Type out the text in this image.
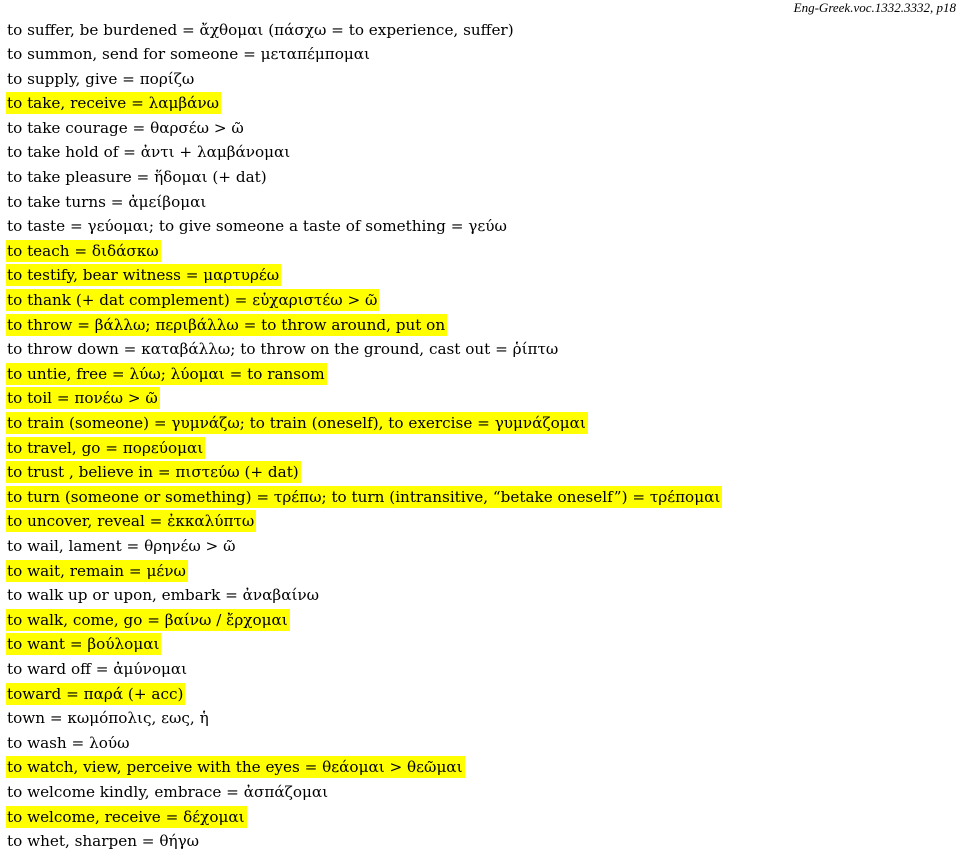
Eng-Greek.voc.1332.3332, p18
to suffer, be burdened = ἄχθομαι (πάσχω = to experience, suffer)
to summon, send for someone = μεταπέμπομαι
to supply, give = πορίζω
to take, receive = λαμβάνω
to take courage = θαρσέω > ῶ
to take hold of = ἀντι + λαμβάνομαι
to take pleasure = ἥδομαι (+ dat)
to take turns = ἀμείβομαι
to taste = γεύομαι; to give someone a taste of something = γεύω
to teach = διδάσκω
to testify, bear witness = μαρτυρέω
to thank (+ dat complement) = εὐχαριστέω > ῶ
to throw = βάλλω; περιβάλλω = to throw around, put on
to throw down = καταβάλλω; to throw on the ground, cast out = ῥίπτω
to untie, free = λύω; λύομαι = to ransom
to toil = πονέω > ῶ
to train (someone) = γυμνάζω; to train (oneself), to exercise = γυμνάζομαι
to travel, go = πορεύομαι
to trust , believe in = πιστεύω (+ dat)
to turn (someone or something) = τρέπω; to turn (intransitive, “betake oneself”) = τρέπομαι
to uncover, reveal = ἐκκαλύπτω
to wail, lament = θρηνέω > ῶ
to wait, remain = μένω
to walk up or upon, embark = ἀναβαίνω
to walk, come, go = βαίνω / ἔρχομαι
to want = βούλομαι
to ward off = ἀμύνομαι
toward = παρά (+ acc)
town = κωμόπολις, εως, ἡ
to wash = λούω
to watch, view, perceive with the eyes = θεάομαι > θεῶμαι
to welcome kindly, embrace = ἀσπάζομαι
to welcome, receive = δέχομαι
to whet, sharpen = θήγω
